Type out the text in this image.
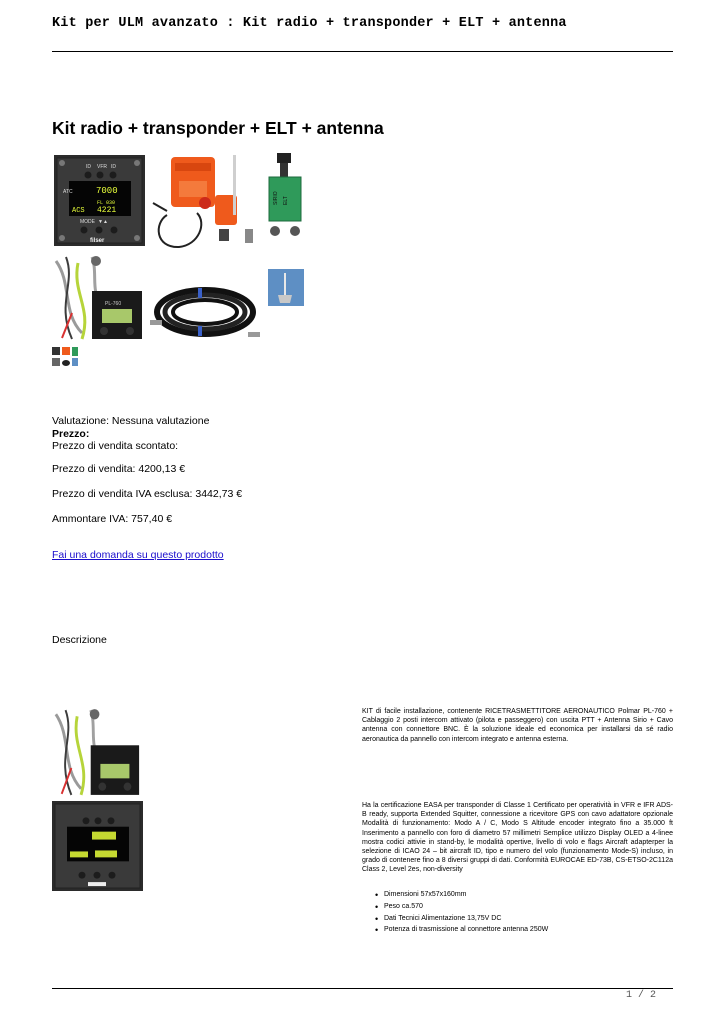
Kit per ULM avanzato : Kit radio + transponder + ELT + antenna
Kit radio + transponder + ELT + antenna
ID VFR ID
ATC	7000
FL 030
ACS 4221
MODE ▼▲
filser
SIRIO ELT
PL-760
Valutazione: Nessuna valutazione
Prezzo:
Prezzo di vendita scontato:
Prezzo di vendita: 4200,13 €
Prezzo di vendita IVA esclusa: 3442,73 €
Ammontare IVA: 757,40 €
Fai una domanda su questo prodotto
Descrizione
KIT di facile installazione, contenente RICETRASMETTITORE AERONAUTICO Polmar PL-760 + Cablaggio 2 posti intercom attivato (pilota e passeggero) con uscita PTT + Antenna Sirio + Cavo antenna con connettore BNC. È la soluzione ideale ed economica per installarsi da sé radio aeronautica da pannello con intercom integrato e antenna esterna.
Ha la certificazione EASA per transponder di Classe 1 Certificato per operatività in VFR e IFR ADS-B ready, supporta Extended Squitter, connessione a ricevitore GPS con cavo adattatore opzionale Modalità di funzionamento: Modo A / C, Modo S Altitude encoder integrato fino a 35.000 ft Inserimento a pannello con foro di diametro 57 millimetri Semplice utilizzo Display OLED a 4-linee mostra codici attivie in stand-by, le modalità opertive, livello di volo e flags Aircraft adapterper la selezione di ICAO 24 – bit aircraft ID, tipo e numero del volo (funzionamento Mode-S) incluso, in grado di contenere fino a 8 diversi gruppi di dati. Conformità EUROCAE ED-73B, CS-ETSO-2C112a Class 2, Level 2es, non-diversity
• Dimensioni 57x57x160mm
• Peso ca.570
• Dati Tecnici Alimentazione 13,75V DC
• Potenza di trasmissione al connettore antenna 250W
1 / 2
